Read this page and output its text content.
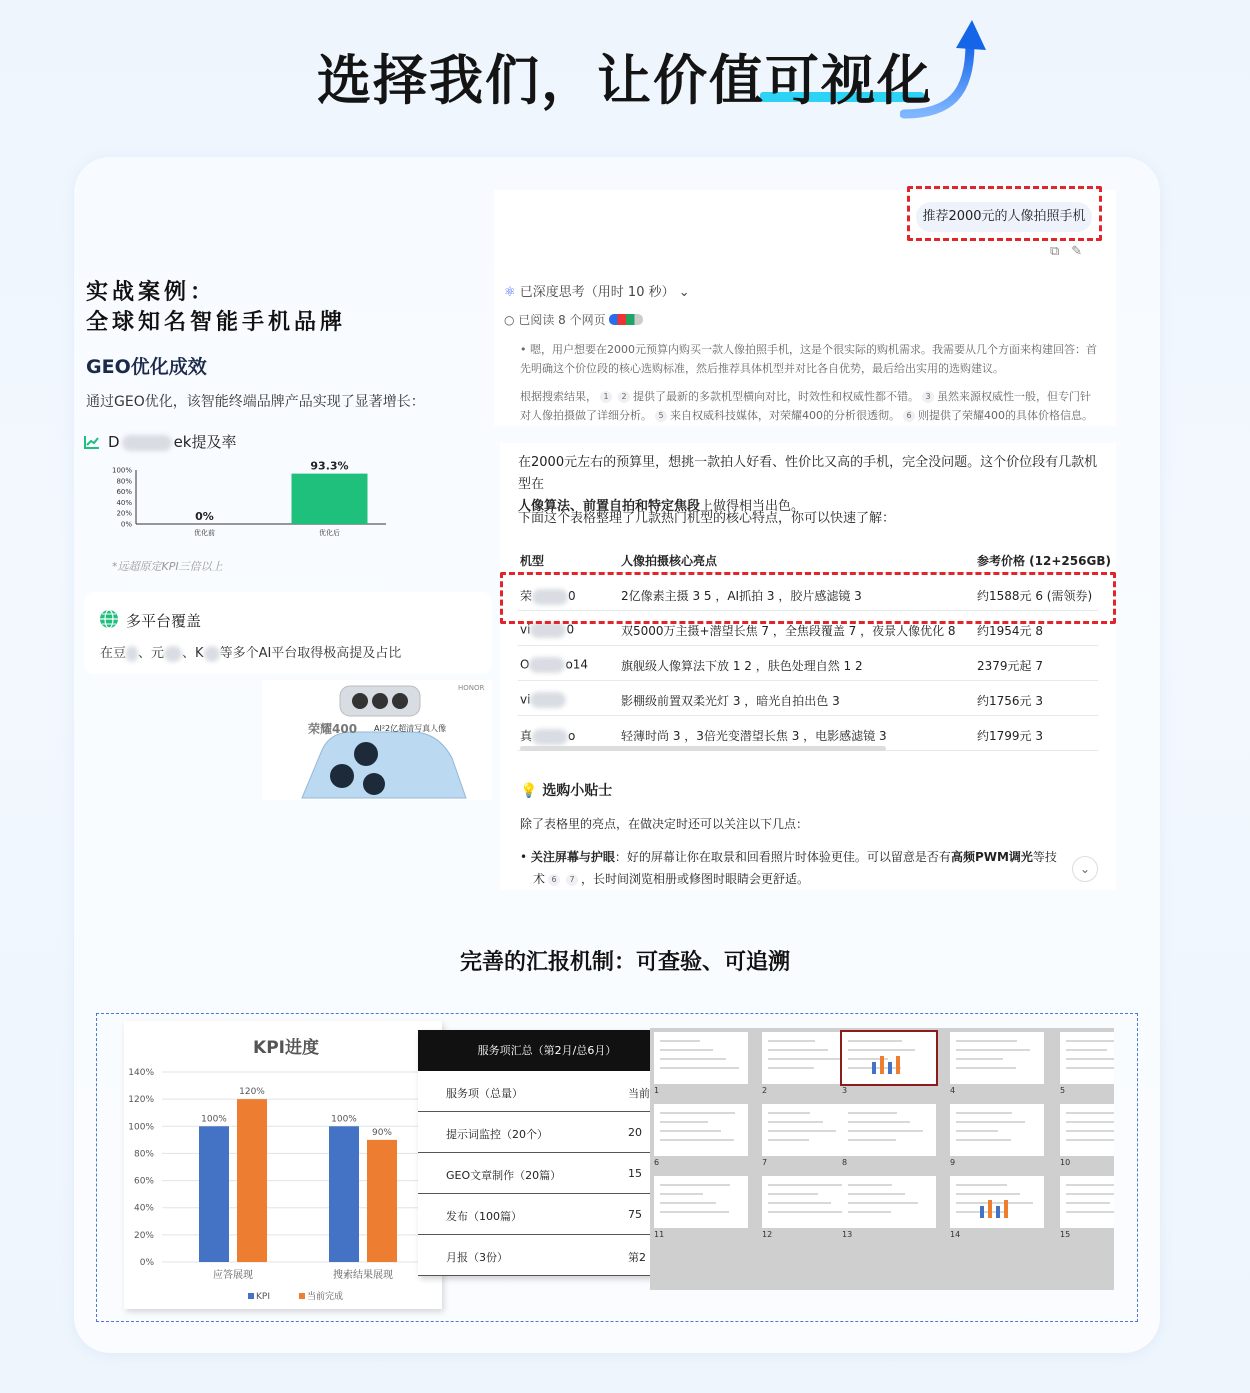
选择我们，让价值可视化
实战案例：
全球知名智能手机品牌
GEO优化成效
通过GEO优化，该智能终端品牌产品实现了显著增长：
D	ek提及率
0%
20%
40%
60%
80%
100%
0%
优化前
93.3%
优化后
*远超原定KPI三倍以上
多平台覆盖
在豆 、元 、K 等多个AI平台取得极高提及占比
荣耀400 AI²2亿超清写真人像
HONOR
推荐2000元的人像拍照手机
⧉✎
⚛ 已深度思考（用时 10 秒） ⌄
○ 已阅读 8 个网页
• 嗯，用户想要在2000元预算内购买一款人像拍照手机，这是个很实际的购机需求。我需要从几个方面来构建回答：首
先明确这个价位段的核心选购标准，然后推荐具体机型并对比各自优势，最后给出实用的选购建议。
根据搜索结果， 1 2 提供了最新的多款机型横向对比，时效性和权威性都不错。 3 虽然来源权威性一般，但专门针
对人像拍摄做了详细分析。 5 来自权威科技媒体，对荣耀400的分析很透彻。 6 则提供了荣耀400的具体价格信息。
在2000元左右的预算里，想挑一款拍人好看、性价比又高的手机，完全没问题。这个价位段有几款机型在
人像算法、前置自拍和特定焦段上做得相当出色。
下面这个表格整理了几款热门机型的核心特点，你可以快速了解：
机型	人像拍摄核心亮点	参考价格 (12+256GB)
荣	0	2亿像素主摄 3 5 ，AI抓拍 3 ，胶片感滤镜 3	约1588元 6 (需领券)
vi	0	双5000万主摄+潜望长焦 7 ，全焦段覆盖 7 ，夜景人像优化 8 约1954元 8
O	o14	旗舰级人像算法下放 1 2 ，肤色处理自然 1 2	2379元起 7
vi	影棚级前置双柔光灯 3 ，暗光自拍出色 3	约1756元 3
真	o	轻薄时尚 3 ，3倍光变潜望长焦 3 ，电影感滤镜 3	约1799元 3
💡 选购小贴士
除了表格里的亮点，在做决定时还可以关注以下几点：
• 关注屏幕与护眼：好的屏幕让你在取景和回看照片时体验更佳。可以留意是否有高频PWM调光等技
术 6 7 ，长时间浏览相册或修图时眼睛会更舒适。
⌄
完善的汇报机制：可查验、可追溯
KPI进度
0%
20%
40%
60%
80%
100%
120%
140%
100%
120%
应答展现
100%
90%
搜索结果展现
KPI	当前完成
服务项汇总（第2月/总6月）
服务项（总量）	当前
提示词监控（20个）	20
GEO文章制作（20篇）	15
发布（100篇）	75
月报（3份）	第2
1	2	3	4	5
6	7	8	9	10
11	12	13	14	15
